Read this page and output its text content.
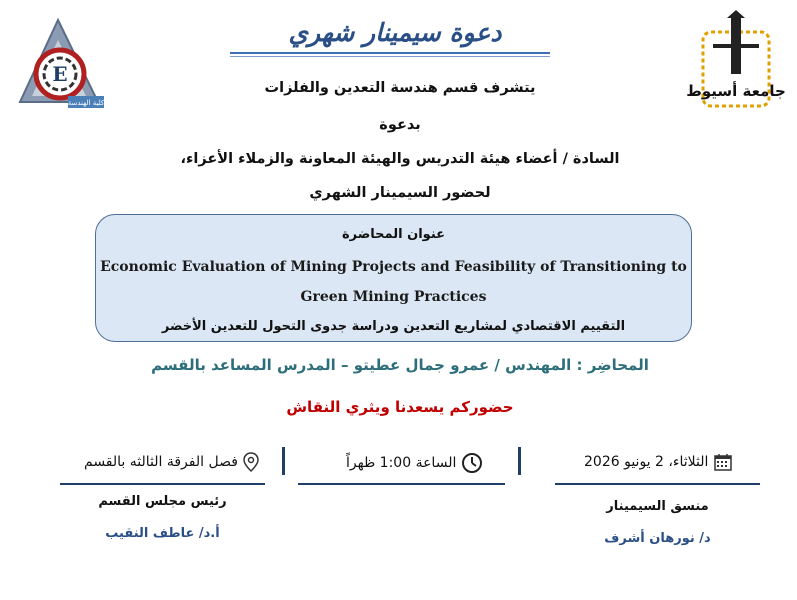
E
كلية الهندسة
جامعة أسيوط
دعوة سيمينار شهري
يتشرف قسم هندسة التعدين والفلزات
بدعوة
السادة / أعضاء هيئة التدريس والهيئة المعاونة والزملاء الأعزاء،
لحضور السيمينار الشهري
عنوان المحاضرة
Economic Evaluation of Mining Projects and Feasibility of Transitioning to
Green Mining Practices
التقييم الاقتصادي لمشاريع التعدين ودراسة جدوى التحول للتعدين الأخضر
المحاضِر : المهندس / عمرو جمال عطيتو – المدرس المساعد بالقسم
حضوركم يسعدنا ويثري النقاش
الثلاثاء، 2 يونيو 2026
الساعة 1:00 ظهراً
فصل الفرقة الثالثه بالقسم
رئيس مجلس القسم
أ.د/ عاطف النقيب
منسق السيمينار
د/ نورهان أشرف
